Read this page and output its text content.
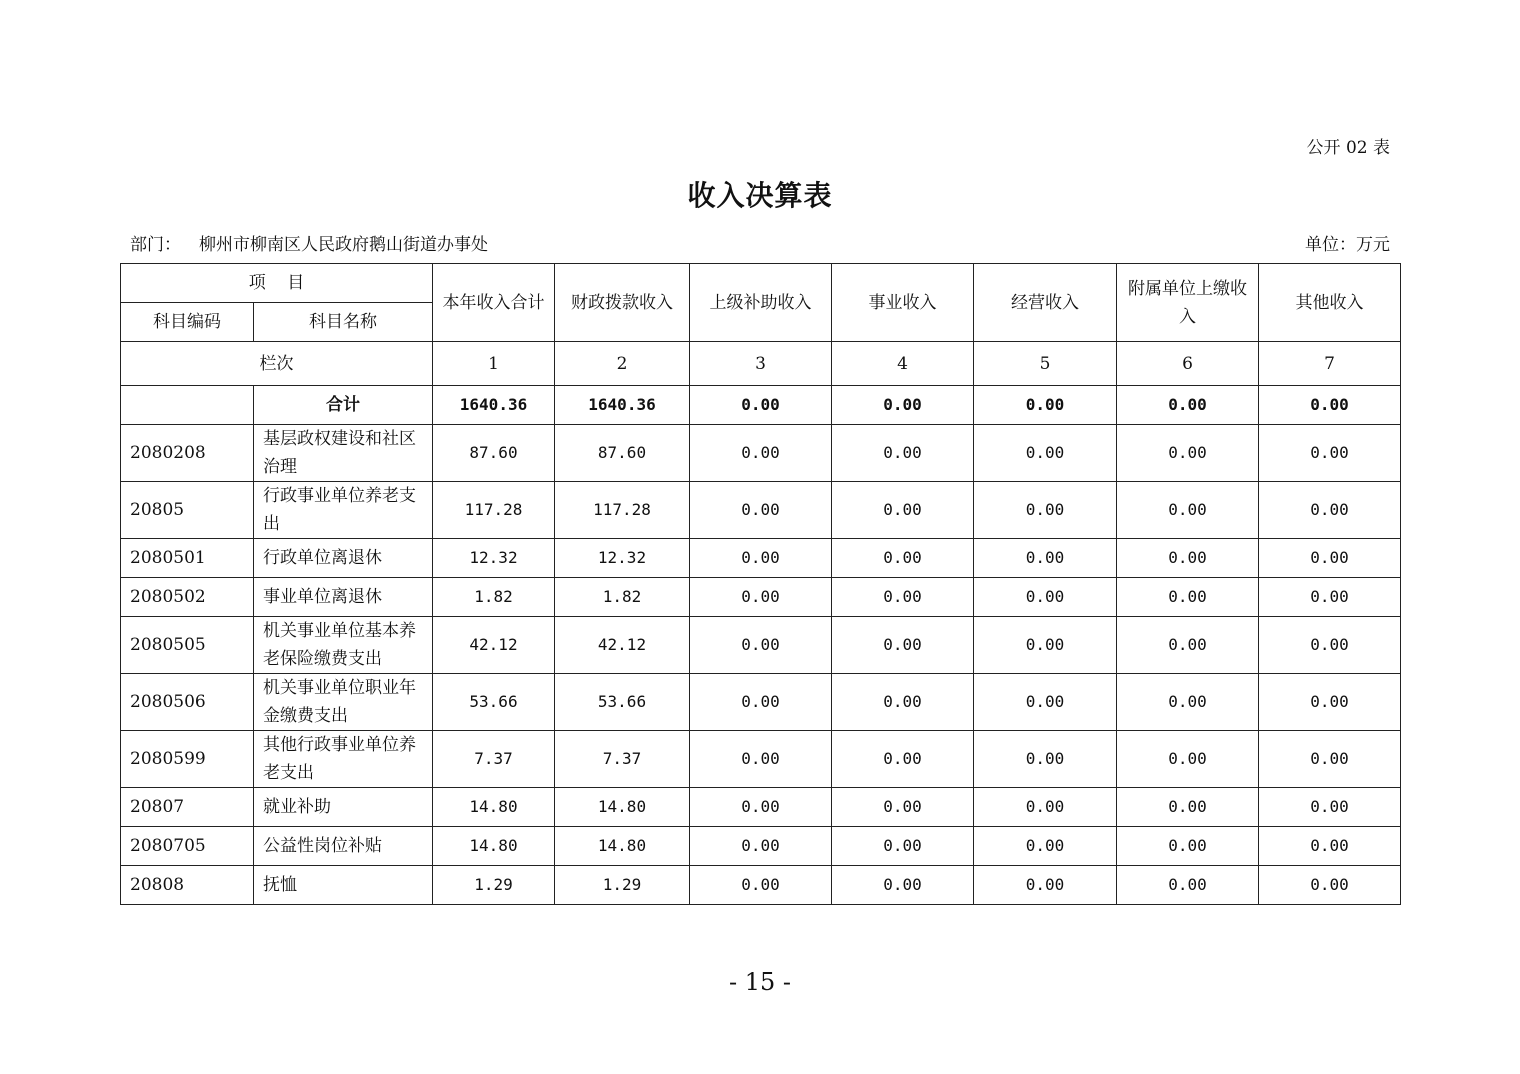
公开 02 表
收入决算表
部门： 柳州市柳南区人民政府鹅山街道办事处	单位：万元
项    目		本年收入合计	财政拨款收入	上级补助收入	事业收入	经营收入	附属单位上缴收入	其他收入
科目编码	科目名称							
栏次		1	2	3	4	5	6	7
	合计	1640.36	1640.36	0.00	0.00	0.00	0.00	0.00
2080208	基层政权建设和社区治理	87.60	87.60	0.00	0.00	0.00	0.00	0.00
20805	行政事业单位养老支出	117.28	117.28	0.00	0.00	0.00	0.00	0.00
2080501	行政单位离退休	12.32	12.32	0.00	0.00	0.00	0.00	0.00
2080502	事业单位离退休	1.82	1.82	0.00	0.00	0.00	0.00	0.00
2080505	机关事业单位基本养老保险缴费支出	42.12	42.12	0.00	0.00	0.00	0.00	0.00
2080506	机关事业单位职业年金缴费支出	53.66	53.66	0.00	0.00	0.00	0.00	0.00
2080599	其他行政事业单位养老支出	7.37	7.37	0.00	0.00	0.00	0.00	0.00
20807	就业补助	14.80	14.80	0.00	0.00	0.00	0.00	0.00
2080705	公益性岗位补贴	14.80	14.80	0.00	0.00	0.00	0.00	0.00
20808	抚恤	1.29	1.29	0.00	0.00	0.00	0.00	0.00
- 15 -
